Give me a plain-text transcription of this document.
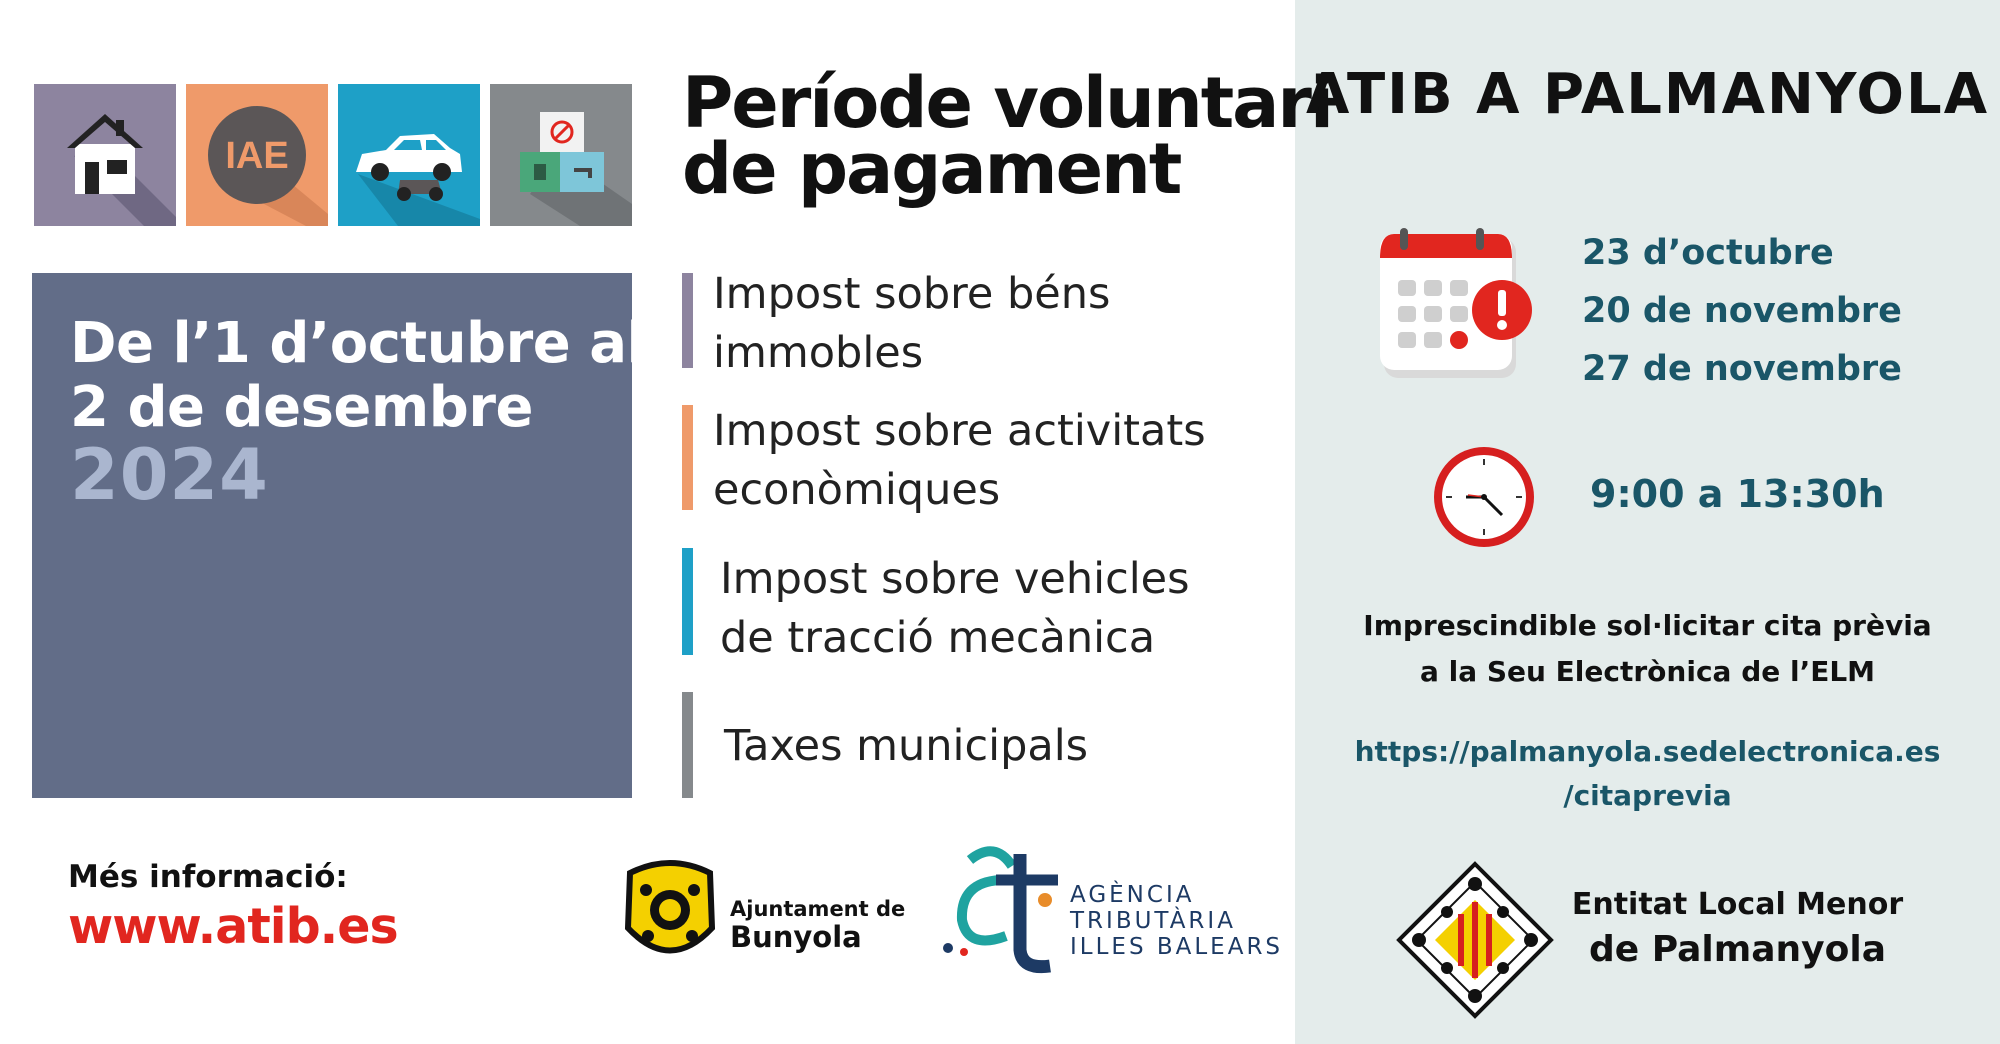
IAE
De l’1 d’octubre al
2 de desembre
2024
Període voluntari
de pagament
Impost sobre béns
immobles
Impost sobre activitats
econòmiques
Impost sobre vehicles
de tracció mecànica
Taxes municipals
Més informació:
www.atib.es	Ajuntament de
Bunyola
AGÈNCIA
TRIBUTÀRIA
ILLES BALEARS
ATIB A PALMANYOLA
23 d’octubre
20 de novembre
27 de novembre
9:00 a 13:30h
Imprescindible sol·licitar cita prèvia
a la Seu Electrònica de l’ELM
https://palmanyola.sedelectronica.es
/citaprevia
Entitat Local Menor
de Palmanyola
